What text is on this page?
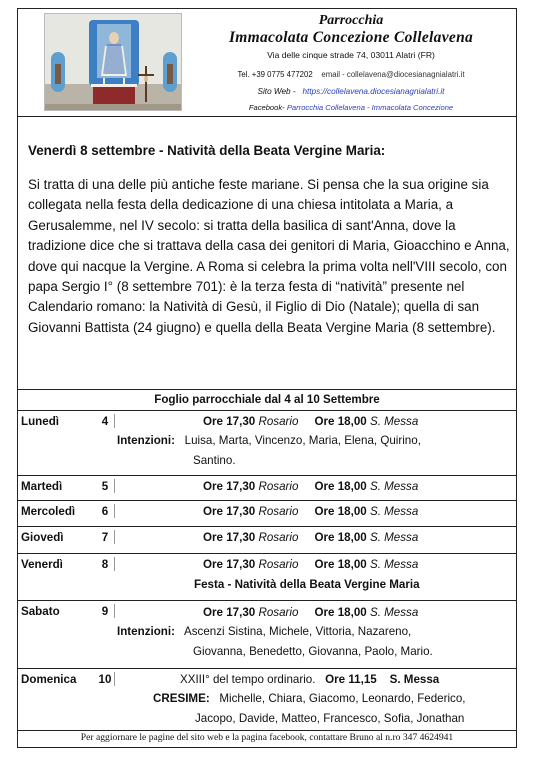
Parrocchia
Immacolata Concezione Collelavena
Via delle cinque strade 74, 03011 Alatri (FR)
Tel. +39 0775 477202 email - collelavena@diocesianagnialatri.it
Sito Web - https://collelavena.diocesianagnialatri.it
Facebook- Parrocchia Collelavena - Immacolata Concezione
Venerdì 8 settembre - Natività della Beata Vergine Maria:
Si tratta di una delle più antiche feste mariane. Si pensa che la sua origine sia collegata nella festa della dedicazione di una chiesa intitolata a Maria, a Gerusalemme, nel IV secolo: si tratta della basilica di sant'Anna, dove la tradizione dice che si trattava della casa dei genitori di Maria, Gioacchino e Anna, dove qui nacque la Vergine. A Roma si celebra la prima volta nell'VIII secolo, con papa Sergio I° (8 settembre 701): è la terza festa di “natività” presente nel Calendario romano: la Natività di Gesù, il Figlio di Dio (Natale); quella di san Giovanni Battista (24 giugno) e quella della Beata Vergine Maria (8 settembre).
Foglio parrocchiale dal 4 al 10 Settembre
Lunedì	4	Ore 17,30 Rosario Ore 18,00 S. Messa
Intenzioni: Luisa, Marta, Vincenzo, Maria, Elena, Quirino,
Santino.
Martedì	5	Ore 17,30 Rosario Ore 18,00 S. Messa
Mercoledì	6	Ore 17,30 Rosario Ore 18,00 S. Messa
Giovedì	7	Ore 17,30 Rosario Ore 18,00 S. Messa
Venerdì	8	Ore 17,30 Rosario Ore 18,00 S. Messa
Festa - Natività della Beata Vergine Maria
Sabato	9	Ore 17,30 Rosario Ore 18,00 S. Messa
Intenzioni: Ascenzi Sistina, Michele, Vittoria, Nazareno,
Giovanna, Benedetto, Giovanna, Paolo, Mario.
Domenica 10	XXIII° del tempo ordinario. Ore 11,15 S. Messa
CRESIME: Michelle, Chiara, Giacomo, Leonardo, Federico,
Jacopo, Davide, Matteo, Francesco, Sofia, Jonathan
Per aggiornare le pagine del sito web e la pagina facebook, contattare Bruno al n.ro 347 4624941
